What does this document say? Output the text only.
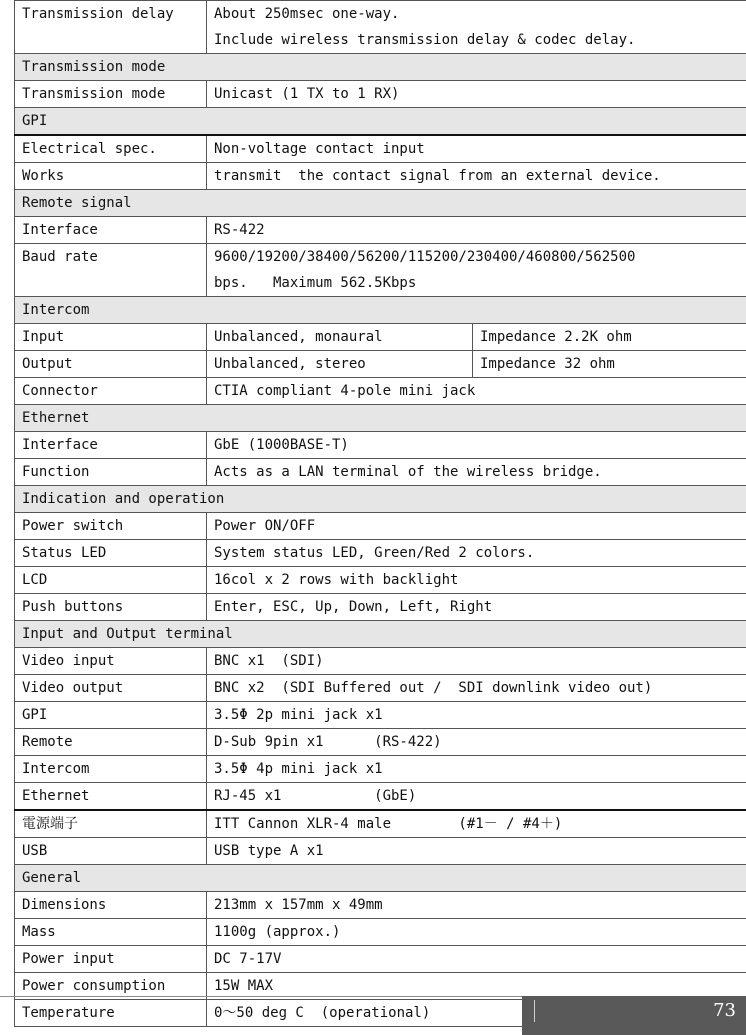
Transmission delay	About 250msec one-way.
Include wireless transmission delay & codec delay.	
Transmission mode		
Transmission mode	Unicast (1 TX to 1 RX)	
GPI		
Electrical spec.	Non-voltage contact input	
Works	transmit  the contact signal from an external device.	
Remote signal		
Interface	RS-422	
Baud rate	9600/19200/38400/56200/115200/230400/460800/562500
bps.   Maximum 562.5Kbps	
Intercom		
Input	Unbalanced, monaural	Impedance 2.2K ohm
Output	Unbalanced, stereo	Impedance 32 ohm
Connector	CTIA compliant 4-pole mini jack	
Ethernet		
Interface	GbE (1000BASE-T)	
Function	Acts as a LAN terminal of the wireless bridge.	
Indication and operation		
Power switch	Power ON/OFF	
Status LED	System status LED, Green/Red 2 colors.	
LCD	16col x 2 rows with backlight	
Push buttons	Enter, ESC, Up, Down, Left, Right	
Input and Output terminal		
Video input	BNC x1  (SDI)	
Video output	BNC x2  (SDI Buffered out /  SDI downlink video out)	
GPI	3.5Φ 2p mini jack x1	
Remote	D-Sub 9pin x1      (RS-422)	
Intercom	3.5Φ 4p mini jack x1	
Ethernet	RJ-45 x1           (GbE)	
電源端子	ITT Cannon XLR-4 male        (#1－ / #4＋)	
USB	USB type A x1	
General		
Dimensions	213mm x 157mm x 49mm	
Mass	1100g (approx.)	
Power input	DC 7-17V	
Power consumption	15W MAX	
Temperature	0～50 deg C  (operational)		73
